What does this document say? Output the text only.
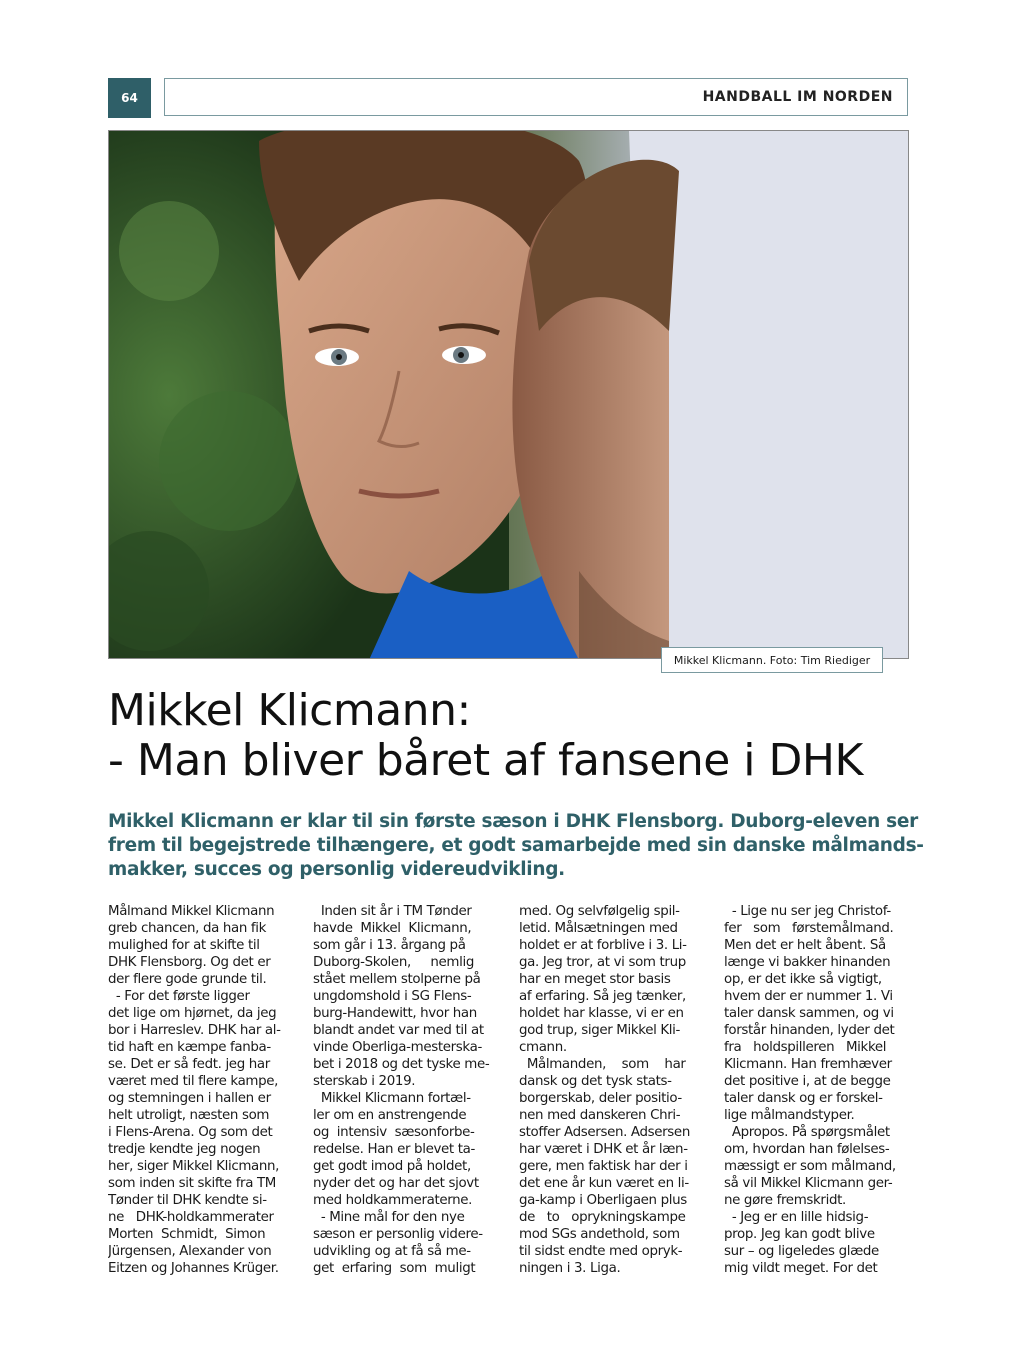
64	HANDBALL IM NORDEN
Mikkel Klicmann. Foto: Tim Riediger
Mikkel Klicmann:
- Man bliver båret af fansene i DHK
Mikkel Klicmann er klar til sin første sæson i DHK Flensborg. Duborg-eleven ser
frem til begejstrede tilhængere, et godt samarbejde med sin danske målmands-
makker, succes og personlig videreudvikling.
Målmand Mikkel Klicmann
greb chancen, da han fik
mulighed for at skifte til
DHK Flensborg. Og det er
der flere gode grunde til.
- For det første ligger
det lige om hjørnet, da jeg
bor i Harreslev. DHK har al-
tid haft en kæmpe fanba-
se. Det er så fedt. jeg har
været med til flere kampe,
og stemningen i hallen er
helt utroligt, næsten som
i Flens-Arena. Og som det
tredje kendte jeg nogen
her, siger Mikkel Klicmann,
som inden sit skifte fra TM
Tønder til DHK kendte si-
ne   DHK-holdkammerater
Morten  Schmidt,  Simon
Jürgensen, Alexander von
Eitzen og Johannes Krüger.
Inden sit år i TM Tønder
havde  Mikkel  Klicmann,
som går i 13. årgang på
Duborg-Skolen,     nemlig
stået mellem stolperne på
ungdomshold i SG Flens-
burg-Handewitt, hvor han
blandt andet var med til at
vinde Oberliga-mesterska-
bet i 2018 og det tyske me-
sterskab i 2019.
Mikkel Klicmann fortæl-
ler om en anstrengende
og  intensiv  sæsonforbe-
redelse. Han er blevet ta-
get godt imod på holdet,
nyder det og har det sjovt
med holdkammeraterne.
- Mine mål for den nye
sæson er personlig videre-
udvikling og at få så me-
get  erfaring  som  muligt
med. Og selvfølgelig spil-
letid. Målsætningen med
holdet er at forblive i 3. Li-
ga. Jeg tror, at vi som trup
har en meget stor basis
af erfaring. Så jeg tænker,
holdet har klasse, vi er en
god trup, siger Mikkel Kli-
cmann.
Målmanden,    som    har
dansk og det tysk stats-
borgerskab, deler positio-
nen med danskeren Chri-
stoffer Adsersen. Adsersen
har været i DHK et år læn-
gere, men faktisk har der i
det ene år kun været en li-
ga-kamp i Oberligaen plus
de   to   oprykningskampe
mod SGs andethold, som
til sidst endte med opryk-
ningen i 3. Liga.
- Lige nu ser jeg Christof-
fer   som   førstemålmand.
Men det er helt åbent. Så
længe vi bakker hinanden
op, er det ikke så vigtigt,
hvem der er nummer 1. Vi
taler dansk sammen, og vi
forstår hinanden, lyder det
fra   holdspilleren   Mikkel
Klicmann. Han fremhæver
det positive i, at de begge
taler dansk og er forskel-
lige målmandstyper.
Apropos. På spørgsmålet
om, hvordan han følelses-
mæssigt er som målmand,
så vil Mikkel Klicmann ger-
ne gøre fremskridt.
- Jeg er en lille hidsig-
prop. Jeg kan godt blive
sur – og ligeledes glæde
mig vildt meget. For det
